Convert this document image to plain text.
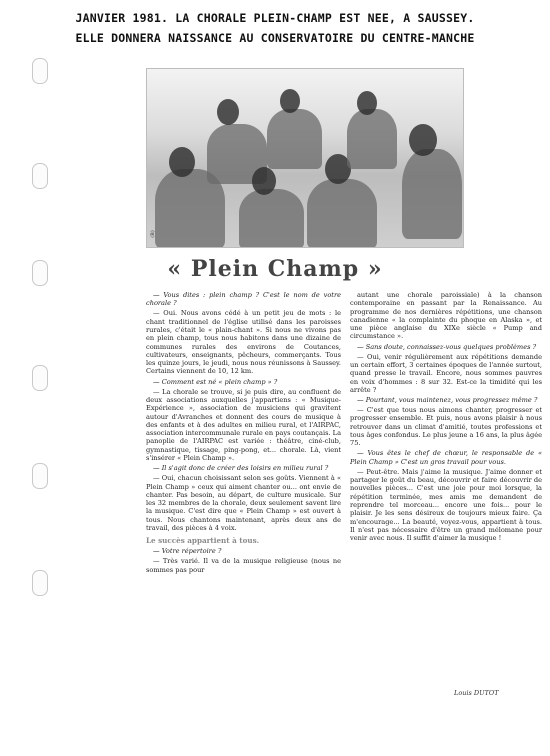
JANVIER 1981. LA CHORALE PLEIN-CHAMP EST NEE, A SAUSSEY.
ELLE DONNERA NAISSANCE AU CONSERVATOIRE DU CENTRE-MANCHE
(B)
« Plein Champ »

— Vous dites : plein champ ? C'est le nom de votre chorale ?

— Oui. Nous avons cédé à un petit jeu de mots : le chant traditionnel de l'église utilisé dans les paroisses rurales, c'était le « plain-chant ». Si nous ne vivons pas en plein champ, tous nous habitons dans une dizaine de communes rurales des environs de Coutances, cultivateurs, enseignants, pêcheurs, commerçants. Tous les quinze jours, le jeudi, nous nous réunissons à Saussey. Certains viennent de 10, 12 km.

— Comment est né « plein champ » ?

— La chorale se trouve, si je puis dire, au confluent de deux associations auxquelles j'appartiens : « Musique-Expérience », association de musiciens qui gravitent autour d'Avranches et donnent des cours de musique à des enfants et à des adultes en milieu rural, et l'AIRPAC, association intercommunale rurale en pays coutançais. La panoplie de l'AIRPAC est variée : théâtre, ciné-club, gymnastique, tissage, ping-pong, et... chorale. Là, vient s'insérer « Plein Champ ».

— Il s'agit donc de créer des loisirs en milieu rural ?

— Oui, chacun choisissant selon ses goûts. Viennent à « Plein Champ » ceux qui aiment chanter ou... ont envie de chanter. Pas besoin, au départ, de culture musicale. Sur les 32 membres de la chorale, deux seulement savent lire la musique. C'est dire que « Plein Champ » est ouvert à tous. Nous chantons maintenant, après deux ans de travail, des pièces à 4 voix.

Le succès appartient à tous.

— Votre répertoire ?

— Très varié. Il va de la musique religieuse (nous ne sommes pas pour

autant une chorale paroissiale) à la chanson contemporaine en passant par la Renaissance. Au programme de nos dernières répétitions, une chanson canadienne « la complainte du phoque en Alaska », et une pièce anglaise du XIXe siècle « Pump and circumstance ».

— Sans doute, connaissez-vous quelques problèmes ?

— Oui, venir régulièrement aux répétitions demande un certain effort, 3 certaines époques de l'année surtout, quand presse le travail. Encore, nous sommes pauvres en voix d'hommes : 8 sur 32. Est-ce la timidité qui les arrête ?

— Pourtant, vous maintenez, vous progressez même ?

— C'est que tous nous aimons chanter, progresser et progresser ensemble. Et puis, nous avons plaisir à nous retrouver dans un climat d'amitié, toutes professions et tous âges confondus. Le plus jeune a 16 ans, la plus âgée 75.

— Vous êtes le chef de chœur, le responsable de « Plein Champ » C'est un gros travail pour vous.

— Peut-être. Mais j'aime la musique. J'aime donner et partager le goût du beau, découvrir et faire découvrir de nouvelles pièces... C'est une joie pour moi lorsque, la répétition terminée, mes amis me demandent de reprendre tel morceau... encore une fois... pour le plaisir. Je les sens désireux de toujours mieux faire. Ça m'encourage... La beauté, voyez-vous, appartient à tous. Il n'est pas nécessaire d'être un grand mélomane pour venir avec nous. Il suffit d'aimer la musique !

Louis DUTOT
